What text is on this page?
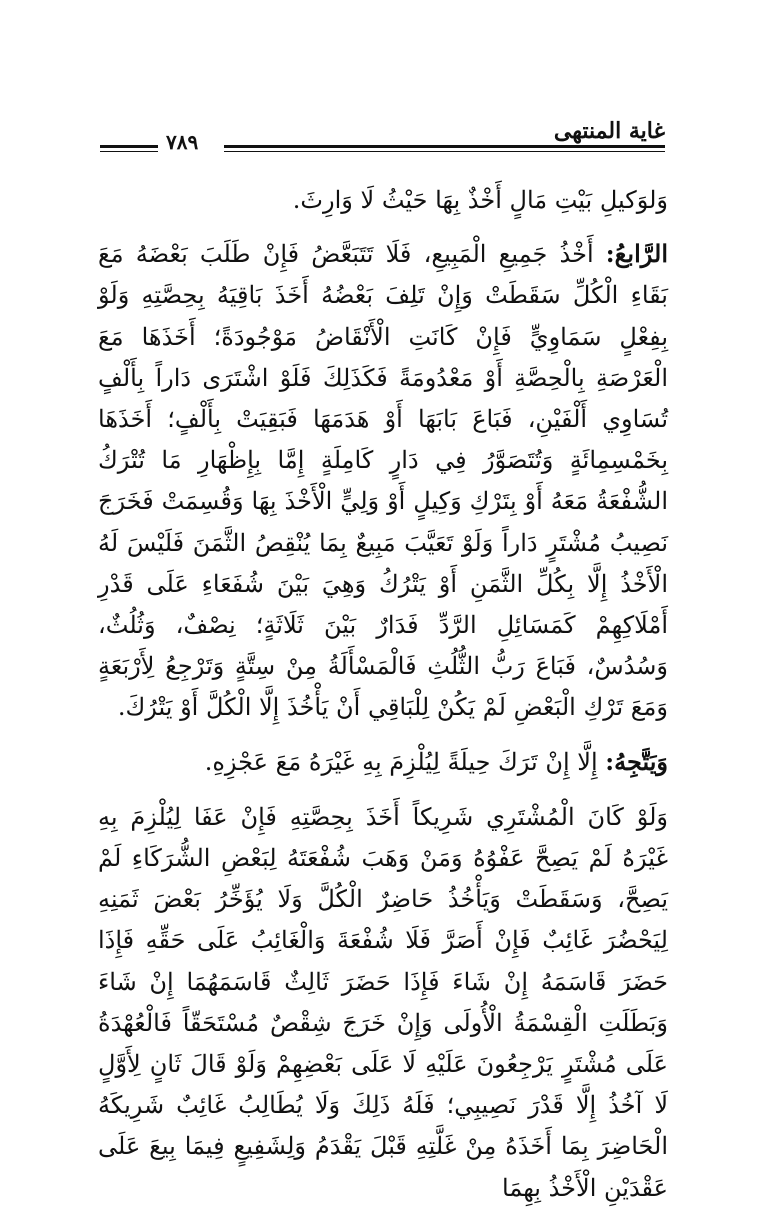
غاية المنتهى
٧٨٩

وَلوَكيلِ بَيْتِ مَالٍ أَخْذٌ بِهَا حَيْثُ لَا وَارِثَ.

الرَّابعُ: أَخْذُ جَمِيعِ الْمَبِيعِ، فَلَا تَتَبَعَّضُ فَإِنْ طَلَبَ بَعْضَهُ مَعَ بَقَاءِ الْكُلِّ سَقَطَتْ وَإِنْ تَلِفَ بَعْضُهُ أَخَذَ بَاقِيَهُ بِحِصَّتِهِ وَلَوْ بِفِعْلٍ سَمَاوِيٍّ فَإِنْ كَانَتِ الْأَنْقَاضُ مَوْجُودَةً؛ أَخَذَهَا مَعَ الْعَرْصَةِ بِالْحِصَّةِ أَوْ مَعْدُومَةً فَكَذَلِكَ فَلَوْ اشْتَرَى دَاراً بِأَلْفٍ تُسَاوِي أَلْفَيْنِ، فَبَاعَ بَابَهَا أَوْ هَدَمَهَا فَبَقِيَتْ بِأَلْفٍ؛ أَخَذَهَا بِخَمْسِمِائَةٍ وَتُتَصَوَّرُ فِي دَارٍ كَامِلَةٍ إِمَّا بِإِظْهَارِ مَا تُتْرَكُ الشُّفْعَةُ مَعَهُ أَوْ بِتَرْكِ وَكِيلٍ أَوْ وَلِيٍّ الْأَخْذَ بِهَا وَقُسِمَتْ فَخَرَجَ نَصِيبُ مُشْتَرٍ دَاراً وَلَوْ تَعَيَّبَ مَبِيعٌ بِمَا يُنْقِصُ الثَّمَنَ فَلَيْسَ لَهُ الْأَخْذُ إِلَّا بِكُلِّ الثَّمَنِ أَوْ يَتْرُكُ وَهِيَ بَيْنَ شُفَعَاءِ عَلَى قَدْرِ أَمْلَاكِهِمْ كَمَسَائِلِ الرَّدِّ فَدَارٌ بَيْنَ ثَلَاثَةٍ؛ نِصْفٌ، وَثُلُثٌ، وَسُدُسٌ، فَبَاعَ رَبُّ الثُّلُثِ فَالْمَسْأَلَةُ مِنْ سِتَّةٍ وَتَرْجِعُ لِأَرْبَعَةٍ وَمَعَ تَرْكِ الْبَعْضِ لَمْ يَكُنْ لِلْبَاقِي أَنْ يَأْخُذَ إِلَّا الْكُلَّ أَوْ يَتْرُكَ.

وَيَتَّجِهُ: إِلَّا إِنْ تَرَكَ حِيلَةً لِيُلْزِمَ بِهِ غَيْرَهُ مَعَ عَجْزِهِ.

وَلَوْ كَانَ الْمُشْتَرِي شَرِيكاً أَخَذَ بِحِصَّتِهِ فَإِنْ عَفَا لِيُلْزِمَ بِهِ غَيْرَهُ لَمْ يَصِحَّ عَفْوُهُ وَمَنْ وَهَبَ شُفْعَتَهُ لِبَعْضِ الشُّرَكَاءِ لَمْ يَصِحَّ، وَسَقَطَتْ وَيَأْخُذُ حَاضِرٌ الْكُلَّ وَلَا يُؤَخِّرُ بَعْضَ ثَمَنِهِ لِيَحْضُرَ غَائِبٌ فَإِنْ أَصَرَّ فَلَا شُفْعَةَ وَالْغَائِبُ عَلَى حَقِّهِ فَإِذَا حَضَرَ قَاسَمَهُ إِنْ شَاءَ فَإِذَا حَضَرَ ثَالِثٌ قَاسَمَهُمَا إِنْ شَاءَ وَبَطَلَتِ الْقِسْمَةُ الْأُولَى وَإِنْ خَرَجَ شِقْصٌ مُسْتَحَقّاً فَالْعُهْدَةُ عَلَى مُشْتَرٍ يَرْجِعُونَ عَلَيْهِ لَا عَلَى بَعْضِهِمْ وَلَوْ قَالَ ثَانٍ لِأَوَّلٍ لَا آخُذُ إِلَّا قَدْرَ نَصِيبِي؛ فَلَهُ ذَلِكَ وَلَا يُطَالِبُ غَائِبٌ شَرِيكَهُ الْحَاضِرَ بِمَا أَخَذَهُ مِنْ غَلَّتِهِ قَبْلَ يَقْدَمُ وَلِشَفِيعٍ فِيمَا بِيعَ عَلَى عَقْدَيْنِ الْأَخْذُ بِهِمَا
